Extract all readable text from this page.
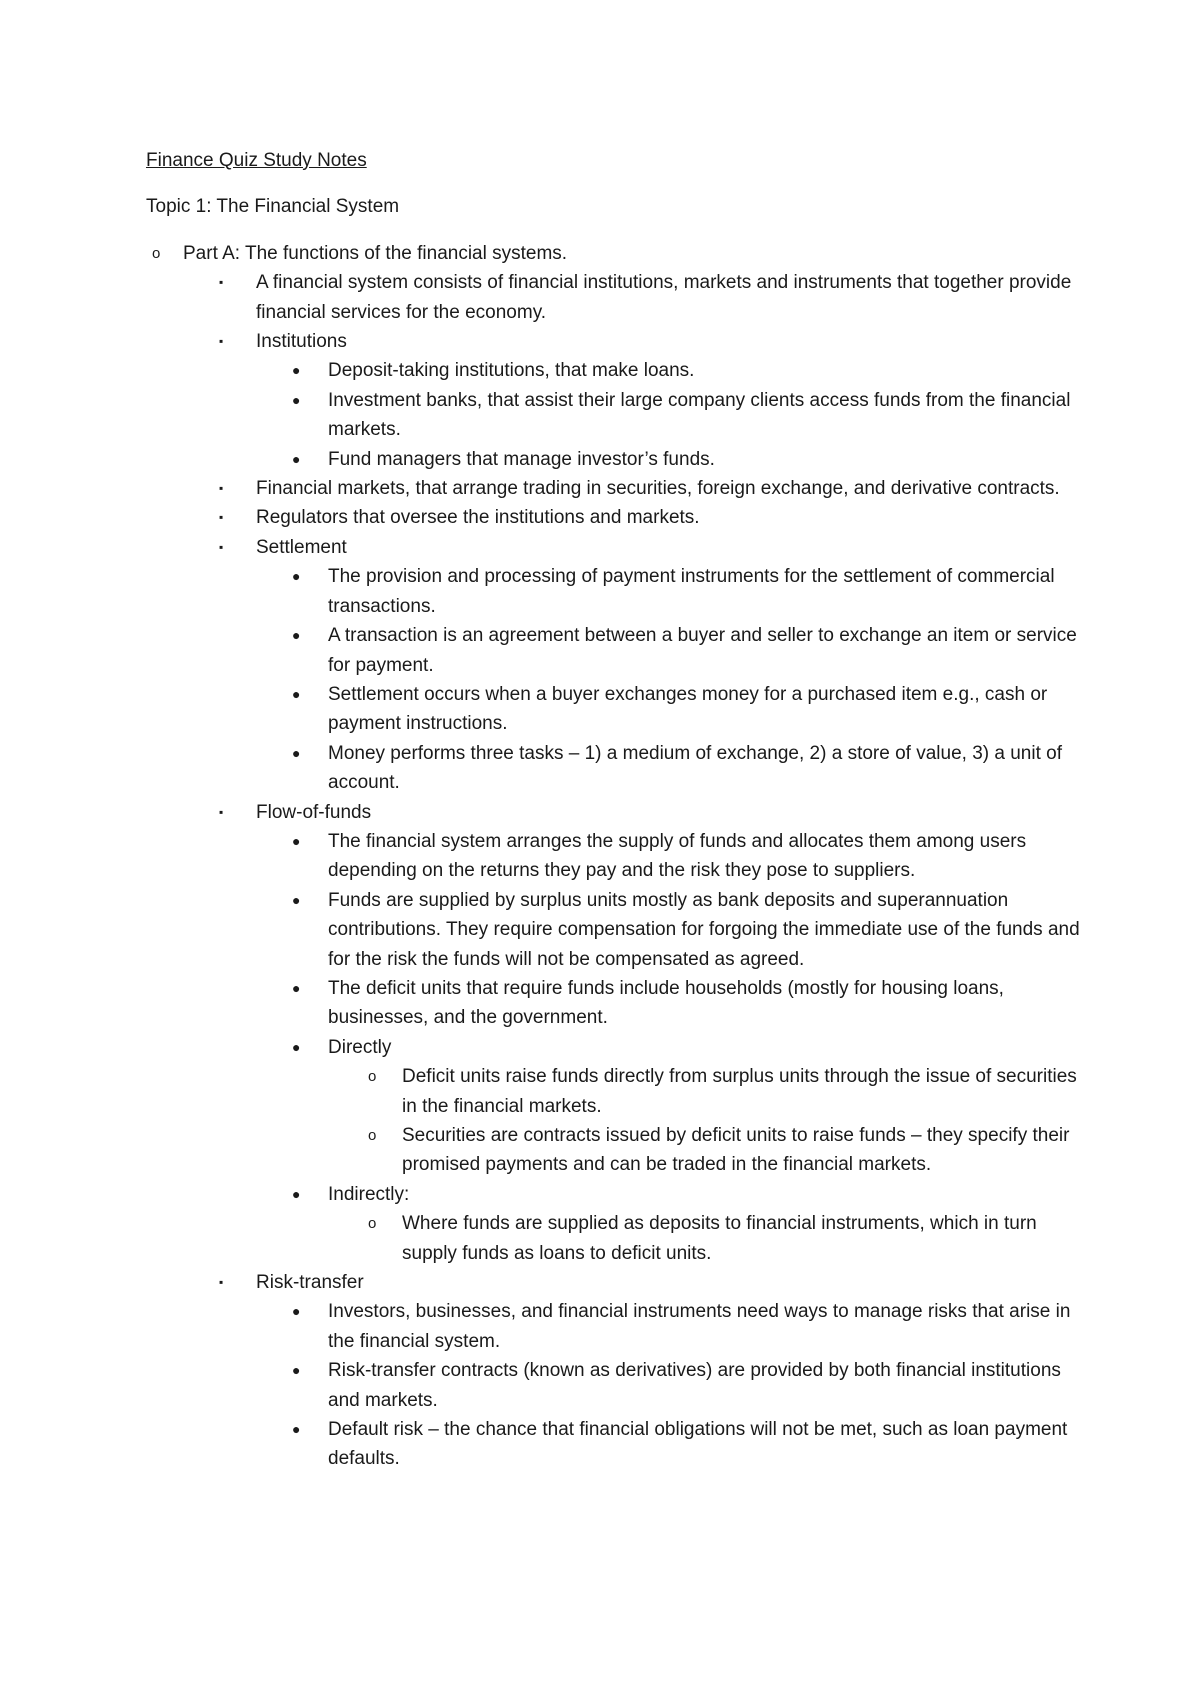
Finance Quiz Study Notes
Topic 1: The Financial System
o	Part A: The functions of the financial systems.
▪	A financial system consists of financial institutions, markets and instruments that together provide financial services for the economy.
▪	Institutions
●	Deposit-taking institutions, that make loans.
●	Investment banks, that assist their large company clients access funds from the financial markets.
●	Fund managers that manage investor’s funds.
▪	Financial markets, that arrange trading in securities, foreign exchange, and derivative contracts.
▪	Regulators that oversee the institutions and markets.
▪	Settlement
●	The provision and processing of payment instruments for the settlement of commercial transactions.
●	A transaction is an agreement between a buyer and seller to exchange an item or service for payment.
●	Settlement occurs when a buyer exchanges money for a purchased item e.g., cash or payment instructions.
●	Money performs three tasks – 1) a medium of exchange, 2) a store of value, 3) a unit of account.
▪	Flow-of-funds
●	The financial system arranges the supply of funds and allocates them among users depending on the returns they pay and the risk they pose to suppliers.
●	Funds are supplied by surplus units mostly as bank deposits and superannuation contributions. They require compensation for forgoing the immediate use of the funds and for the risk the funds will not be compensated as agreed.
●	The deficit units that require funds include households (mostly for housing loans, businesses, and the government.
●	Directly
o	Deficit units raise funds directly from surplus units through the issue of securities in the financial markets.
o	Securities are contracts issued by deficit units to raise funds – they specify their promised payments and can be traded in the financial markets.
●	Indirectly:
o	Where funds are supplied as deposits to financial instruments, which in turn supply funds as loans to deficit units.
▪	Risk-transfer
●	Investors, businesses, and financial instruments need ways to manage risks that arise in the financial system.
●	Risk-transfer contracts (known as derivatives) are provided by both financial institutions and markets.
●	Default risk – the chance that financial obligations will not be met, such as loan payment defaults.
